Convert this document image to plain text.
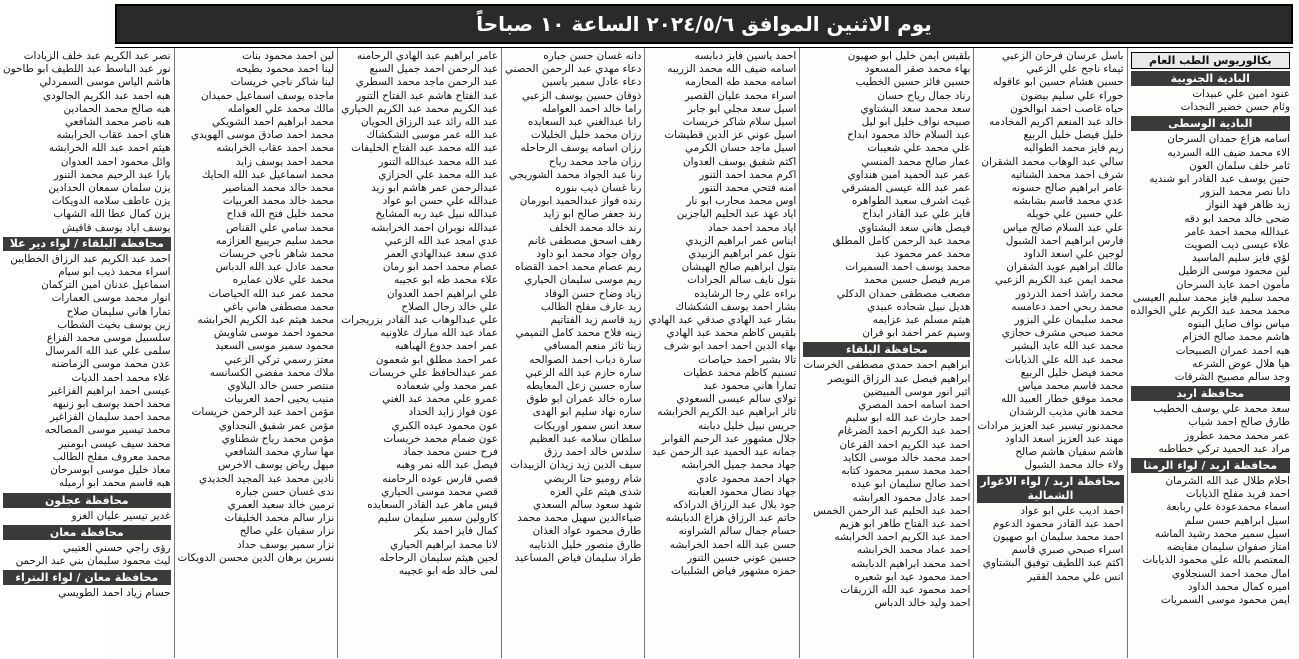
يوم الاثنين الموافق ٢٠٢٤/٥/٦ الساعة ١٠ صباحاً
بكالوريوس الطب العام
البادية الجنوبية
عنود امين علي عبيدات
وئام حسن خضير النجدات
البادية الوسطى
اسامه هزاع حمدان السرحان
الاء محمد ضيف الله السرديه
ثامر خلف سلمان العون
حنين يوسف عبد القادر ابو شنديه
دانا نصر محمد البزور
زيد ظاهر فهد النواز
ضحى خالد محمد ابو دقه
عبدالله محمد احمد عامر
علاء عيسى ذيب الصويت
لؤي فايز سليم الماسيد
لين محمود موسى الزطيل
مأمون احمد عايد السرحان
محمد سليم فايز محمد سليم العيسى
محمد محمد عبد الكريم علي الخوالده
مياس نواف صايل البنوه
هاشم محمد صالح الخزام
هبه احمد عمران الصبيحات
هيا هلال عوض الشرعه
وجد سالم مصبيح الشرقات
محافظة اربد
سعد محمد علي يوسف الخطيب
طارق صالح احمد شياب
عمر محمد محمد عطروز
مراد عبد الحميد تركي خطاطبه
محافظة اربد / لواء الرمثا
احلام طلال عبد الله الشرمان
احمد فريد مفلح الذيابات
اسماء محمدعودة علي ربابعة
اسيل ابراهيم حسن سلم
اسيل سمير محمد رشيد الماشه
امتاز صفوان سليمان مفايضه
المعتصم بالله علي محمود الذيابات
امال محمد احمد السنجلاوي
اميره كمال محمد الداود
ايمن محمود موسى السمريات
باسل عرسان فرحان الزعبي
ثيماء ناجح علي الزعبي
حسين هشام حسين ابو عاقوله
حوراء علي سليم بيضون
حياه غاصب احمد ابوالخون
خالد عبد المنعم اكريم المخادمه
خليل فيصل خليل الربيع
ريم فايز محمد الطوالبه
سالي عبد الوهاب محمد الشقران
شرف احمد محمد الشناتيه
عامر ابراهيم صالح حسونه
عدي محمد قاسم بشابشه
علي حسين علي خويله
علي عبد السلام صالح مياس
فارس ابراهيم احمد الشبول
لوجين علي اسعد الداود
مالك ابراهيم عويد الشقران
محمد ايمن عبد الكريم الزعبي
محمد راشد احمد الدردور
محمد ربحي احمد دعامسه
محمد سليمان علي البزور
محمد صبحي مشرف حجازي
محمد عبد الله عايد البشير
محمد عبد الله علي الذيابات
محمد فيصل خليل الربيع
محمد قاسم محمد مياس
محمد موفق خطار العبيد الله
محمد هاني مذيب الرشدان
محمدنور تيسير عبد العزيز مرادات
مهند عبد العزيز اسعد الداود
هاشم سفيان هاشم صالح
ولاء خالد محمد الشبول
محافظة اربد / لواء الاغوار الشمالية
احمد اديب علي ابو عواد
احمد عبد القادر محمود الدعوم
احمد محمد سليمان ابو صهيون
اسراء صبحي صبري قاسم
اكثم عبد اللطيف توفيق البشتاوي
انس علي محمد الفقير
بلقيس ايمن خليل ابو صهيون
بهاء محمد صقر المسعود
حسين فائز حسين الخطيب
رناد جمال رياح حسان
سعد محمد سعد البشتاوي
صبيحه نواف خليل ابو ليل
عبد السلام خالد محمود ابداح
علي محمد علي شعيبات
عمار صالح محمد المنسي
عمر عبد الحميد امين هنداوي
عمر عبد الله عيسى المشرقي
غيث اشرف سعيد الطواهره
فايز علي عبد القادر ابداح
فيصل هاني سعد البشتاوي
محمد عبد الرحمن كامل المطلق
محمد عمر محمود عبد
محمد يوسف احمد السميرات
مريم فيصل حسين محمد
مصعب مصطفى حمدان الدكلي
هديل نبيل شحاده عبيدي
هيثم مسلم عبد عزايمه
وسيم عمر احمد ابو قران
محافظة البلقاء
ابراهيم احمد حمدي مصطفى الخرسات
ابراهيم فيصل عبد الرزاق النويصر
اثير انور موسى المبيضين
احمد اسامه احمد المصري
احمد حارث عبد الله ابو سليم
احمد عبد الكريم احمد الضرغام
احمد عبد الكريم احمد القرعان
احمد محمد خالد موسى الكايد
احمد محمد سمير محمود كتابه
احمد صالح سليمان ابو عيده
احمد عادل محمود العرابشه
احمد عبد الحليم عبد الرحمن الخمس
احمد عبد الفتاح طاهر ابو هزيم
احمد عبد الكريم احمد الخرابشه
احمد عماد محمد الخرابشه
احمد محمد ابراهيم الدبابشه
احمد محمود عيد ابو شعيره
احمد محمود عبد الله الزريقات
احمد وليد خالد الدباس
احمد ياسين فايز دبابسه
اسامه ضيف الله محمد الزريبه
اسامه محمد طه المحارمه
اسراء محمد عليان القصير
اسيل سعد مجلي ابو جابر
اسيل سلام شاكر خريسات
اسيل عوني عز الدين قطيشات
اسيل ماجد حسان الكرمي
اكثم شفيق يوسف العدوان
اكرم محمد احمد التنور
امنه فتحي محمد التنور
اوس محمد محارب ابو نار
اياد عهد عبد الحليم الياجزين
اياد محمد احمد حماد
ايناس عمر ابراهيم الزيدي
بتول عمر ابراهيم الزبيدي
بتول ابراهيم صالح الهيشان
بتول نايف سالم الجرادات
براءه علي رجا الرشايده
بشار احمد يوسف الشكشاك
بشار عبد الهادي صدقي عبد الهادي
بلقيس كاظم محمد عبد الهادي
بهاء الدين احمد احمد ابو شرف
تالا بشير احمد حياصات
تسنيم كاظم محمد عطيات
تمارا هاني محمود عبد
تولاي سالم عيسى السعودي
ثائر ابراهيم عبد الكريم الخرابشه
جريس نبيل خليل دبابنه
جلال مشهور عبد الرحيم القوابر
جمانه عبد الحميد عبد الرحمن عبد
جهاد محمد جميل الخرابشه
جهاد احمد محمود عادي
جهاد نضال محمود العبابنه
جود بلال عبد الرزاق الدراذكه
حاتم عبد الرزاق هزاع الدبابشه
حسام جمال سالم الشراونه
حسن عبد الله احمد الخرابشه
حسين عوني حسين التنور
حمزه مشهور فياض الشلبيات
دانه غسان حسن جباره
دعاء مهدي عبد الرحمن الحصني
دعاء عادل سمير ياسين
ذوقان حسين يوسف الزعبي
راما خالد احمد العوامله
رانا عبدالغني عبد السعايده
رزان محمد خليل الخليلات
رزان اسامه يوسف الرحاحله
رزان ماجد محمد رياح
رنا عبد الجواد محمد الشوريجي
رنا غسان ذيب بنوره
رنده فواز عبدالحميد ابورمان
رند جعفر صالح ابو زايد
رند خالد محمد الخلف
رهف اسحق مصطفى غانم
روان جواد محمد ابو داود
ريم عصام محمد احمد القضاه
ريم موسى سليمان الحياري
زياد وضاح حسن الوقاد
زيد عارف مفلح الطالب
زيد قاسم زيد الفتاتيم
زينه فلاح محمد كامل التميمي
زينا ثائر منعم المسافي
سارة دياب احمد الصوالحه
ساره حازم عبد الله الزعبي
ساره حسين زعل المعايطه
ساره خالد عمران ابو طوق
ساره نهاد سليم ابو الهدى
سعد انس سمور اوريكات
سلطان سلامه عبد العظيم
سلدس خالد احمد رزق
سيف الدين زيد زيدان الزبيدات
شام روميو حنا الربضي
شذى هيثم علي العزه
شهد سعود سالم السعدي
ضياءالدين سهيل محمد محمد
طارق محمود عواد الغذان
طارق منصور خليل الذنايبه
طراد سليمان فياض المساعيد
عامر ابراهيم عبد الهادي الرحامنه
عبد الرحمن احمد جميل السبع
عبد الرحمن ماجد محمد السطري
عبد الفتاح هاشم عبد الفتاح التنور
عبد الكريم محمد عبد الكريم الحياري
عبد الله رائد عبد الرزاق الحويان
عبد الله عمر موسى الشكشاك
عبد الله محمد عبد الفتاح الخليفات
عبد الله محمد عبدالله التنور
عبد الله محمد علي الجزازي
عبدالرحمن عمر هاشم ابو زيد
عبدالله علي حسن ابو عواد
عبدالله نبيل عبد ربه المشايخ
عبدالله نوبران احمد الخرابشه
عدي امجد عبد الله الزعبي
عدي سعد عبدالهادي العمر
عصام محمد احمد ابو رمان
علاء محمد طه ابو عجيبه
علي ابراهيم احمد العدوان
علي خالد رجال الصلاح
علي عبدالوهاب عبد القادر بزريجرات
عماد عبد الله مبارك علاونيه
عمر احمد جدوع الهباهبه
عمر احمد مطلق ابو شعمون
عمر عبدالحافظ علي خريسات
عمر محمد ولي شعماده
عمرو علي محمد عبد الغني
عون فواز زايد الحداد
عون محمود عيده الكبري
عون ضمام محمد خريسات
فرح حسن محمد جماد
فيصل عبد الله نمر وهبه
قصي فارس عوده الرحامنه
قصي محمد موسى الحياري
قيس ماهر عبد القادر السعايده
كارولين سمير سليمان سليم
كمال فايز احمد بكر
لانا محمد ابراهيم الحياري
لجين هيثم سليمان الرحاحله
لمى خالد طه ابو عجيبه
لين احمد محمود بنات
لينا احمد محمود بطيحه
لينا شاكر ناجي خريسات
ماجده يوسف اسماعيل حميدان
مالك محمد علي العوامله
محمد ابراهيم احمد الشويكي
محمد احمد صادق موسى الهويدي
محمد احمد عقاب الخرابشه
محمد احمد يوسف زايد
محمد اسماعيل عبد الله الحايك
محمد خالد محمد المناصير
محمد خالد محمد العربيات
محمد خليل فتح الله قداح
محمد سامي علي القناص
محمد سليم جريبيع العزازمه
محمد شاهر ناجي خريسات
محمد عادل عبد الله الدباس
محمد علي علان عمايره
محمد عمر عبد الله الحياصات
محمد مصطفى هاني باغي
محمد هيثم عبد الكريم الخرابشه
محمود احمد موسى شاويش
محمود سمير موسى السعيد
معتز رسمي تركي الزعبي
ملاك محمد مفضي الكسانسه
منتصر حسن خالد البلاوي
منيب يحيى احمد العربيات
مؤمن احمد عبد الرحمن خريسات
مؤمن عمر شفيق النجداوي
مؤمن محمد رياح شطناوي
مها ساري محمد الشافعي
ميهل رياض يوسف الاخرس
نادين محمد عبد المجيد الجديدي
ندى غسان حسن جباره
نرمين خالد سعيد العمري
نزار سالم محمد الخليفات
نزار سفيان علي صالح
نزار سمير يوسف حداد
نسرين برهان الدين محسن الدويكات
نصر عبد الكريم عبد خلف الزيادات
نور عبد الباسط عبد اللطيف ابو طاحون
هاشم الياس موسى السمردلي
هبه احمد عبد الكريم الجالودي
هبه صالح محمد الحمادين
هبه ناصر محمد الشافعي
هناي احمد عقاب الخرابشه
هيثم احمد عبد الله الخرابشه
وائل محمود احمد العدوان
يارا عبد الرحيم محمد التنور
يزن سلمان سمعان الحدادين
يزن عاطف سلامه الدويكات
يزن كمال عطا الله الشهاب
يوسف اياد يوسف قاقيش
محافظة البلقاء / لواء دير علا
احمد عبد الكريم عبد الرزاق الخطايبن
اسراء محمد ذيب ابو سيام
اسماعيل عدنان امين التركمان
انوار محمد موسى العمارات
تمارا هاني سليمان صلاح
زين يوسف بخيت الشطاب
سلسبيل موسى محمد الفزاع
سلمى علي عبد الله المرسال
عدن محمد موسى الزماضنه
علاء محمد احمد الديات
عيسى احمد ابراهيم الفزاغير
محمد احمد يوسف ابو زنيهه
محمد احمد سليمان الفزاغير
محمد تيسير موسى المصالحه
محمد سيف عيسى ابومنير
محمد معروف مفلح الطالب
معاذ خليل موسى ابوسرحان
هبه قاسم محمد ابو ارميله
محافظة عجلون
غدير تيسير عليان الغزو
محافظة معان
رؤى راجي حسني العتيبي
ليث محمود سليمان بني عبد الرحمن
محافظة معان / لواء البتراء
حسام زياد احمد الطويسي
